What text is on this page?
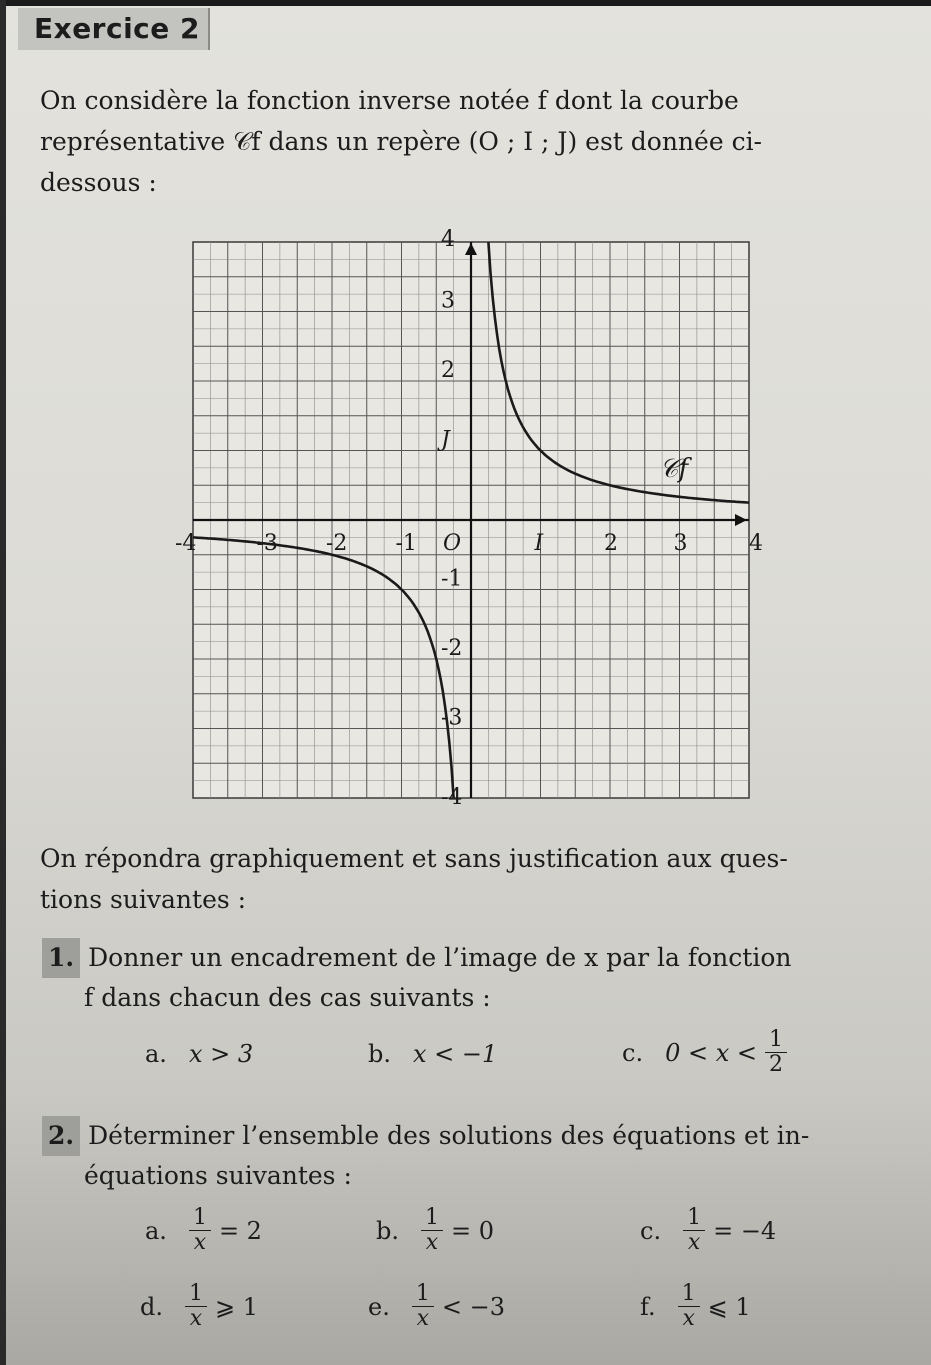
Exercice 2
On considère la fonction inverse notée f dont la courbe
représentative 𝒞f dans un repère (O ; I ; J) est donnée ci-
dessous :
-4	-3 -2 -1 O	I	2	3	4
4
3
2
J
-1
-2
-3
-4
𝒞f
On répondra graphiquement et sans justification aux ques-
tions suivantes :
1. Donner un encadrement de l’image de x par la fonction
f dans chacun des cas suivants :
a. x > 3	b. x < −1	c. $0 < x < \frac{1}{2}$
2. Déterminer l’ensemble des solutions des équations et in-
équations suivantes :
a. $\frac{1}{x} = 2$	b. $\frac{1}{x} = 0$	c. $\frac{1}{x} = -4$
d. $\frac{1}{x}$ ⩾ 1	e. $\frac{1}{x} < -3$	f. $\frac{1}{x}$ ⩽ 1
